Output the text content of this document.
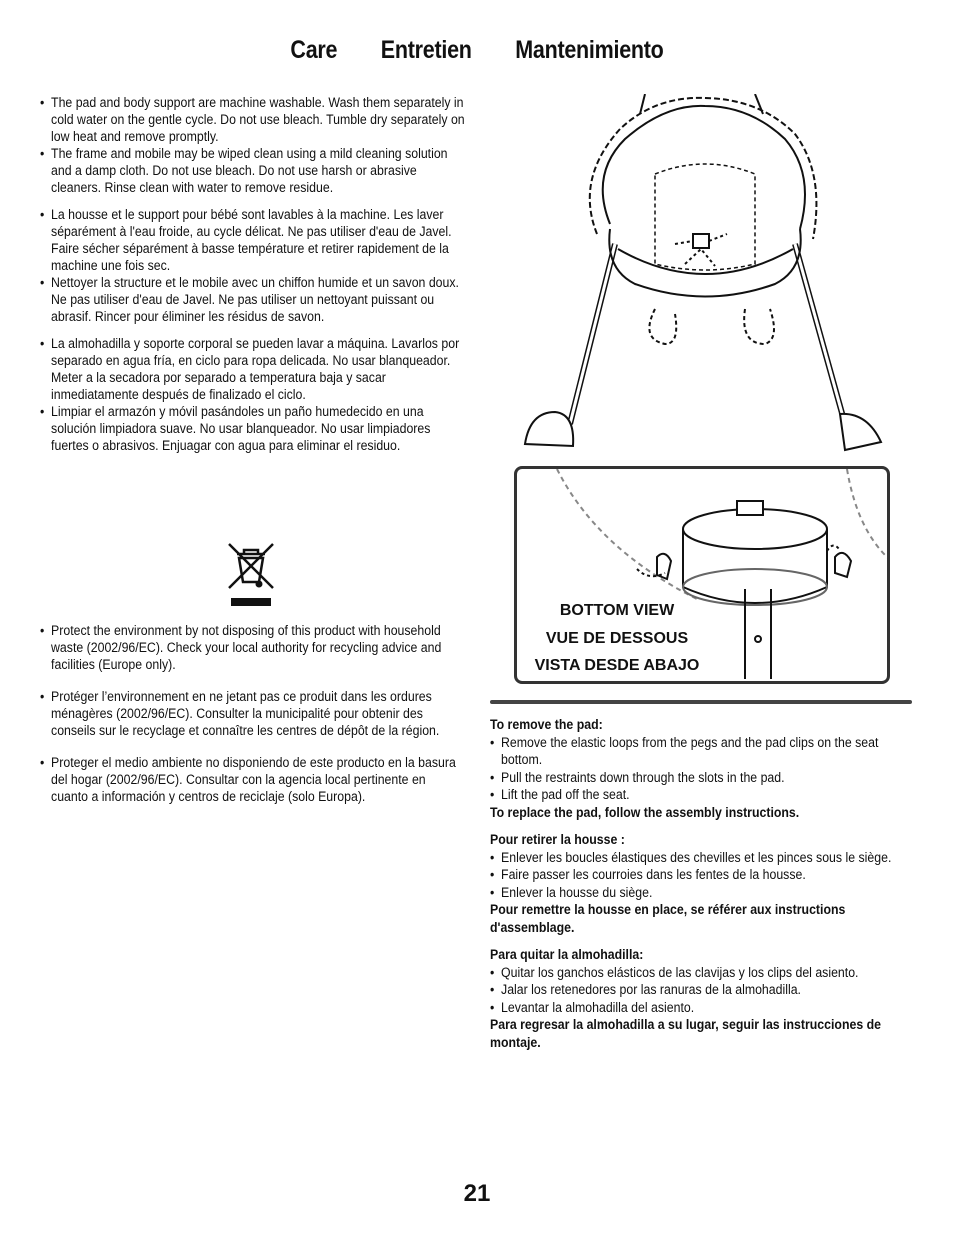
Care Entretien Mantenimiento

• The pad and body support are machine washable. Wash them separately in cold water on the gentle cycle. Do not use bleach. Tumble dry separately on low heat and remove promptly.

• The frame and mobile may be wiped clean using a mild cleaning solution and a damp cloth. Do not use bleach. Do not use harsh or abrasive cleaners. Rinse clean with water to remove residue.

• La housse et le support pour bébé sont lavables à la machine. Les laver séparément à l'eau froide, au cycle délicat. Ne pas utiliser d'eau de Javel. Faire sécher séparément à basse température et retirer rapidement de la machine une fois sec.

• Nettoyer la structure et le mobile avec un chiffon humide et un savon doux. Ne pas utiliser d'eau de Javel. Ne pas utiliser un nettoyant puissant ou abrasif. Rincer pour éliminer les résidus de savon.

• La almohadilla y soporte corporal se pueden lavar a máquina. Lavarlos por separado en agua fría, en ciclo para ropa delicada. No usar blanqueador. Meter a la secadora por separado a temperatura baja y sacar inmediatamente después de finalizado el ciclo.

• Limpiar el armazón y móvil pasándoles un paño humedecido en una solución limpiadora suave. No usar blanqueador. No usar limpiadores fuertes o abrasivos. Enjuagar con agua para eliminar el residuo.

• Protect the environment by not disposing of this product with household waste (2002/96/EC). Check your local authority for recycling advice and facilities (Europe only).

• Protéger l’environnement en ne jetant pas ce produit dans les ordures ménagères (2002/96/EC). Consulter la municipalité pour obtenir des conseils sur le recyclage et connaître les centres de dépôt de la région.

• Proteger el medio ambiente no disponiendo de este producto en la basura del hogar (2002/96/EC). Consultar con la agencia local pertinente en cuanto a información y centros de reciclaje (solo Europa).

BOTTOM VIEW
VUE DE DESSOUS
VISTA DESDE ABAJO
To remove the pad:
• Remove the elastic loops from the pegs and the pad clips on the seat bottom.
• Pull the restraints down through the slots in the pad.
• Lift the pad off the seat.
To replace the pad, follow the assembly instructions.
Pour retirer la housse :
• Enlever les boucles élastiques des chevilles et les pinces sous le siège.
• Faire passer les courroies dans les fentes de la housse.
• Enlever la housse du siège.
Pour remettre la housse en place, se référer aux instructions d'assemblage.
Para quitar la almohadilla:
• Quitar los ganchos elásticos de las clavijas y los clips del asiento.
• Jalar los retenedores por las ranuras de la almohadilla.
• Levantar la almohadilla del asiento.
Para regresar la almohadilla a su lugar, seguir las instrucciones de montaje.
21
